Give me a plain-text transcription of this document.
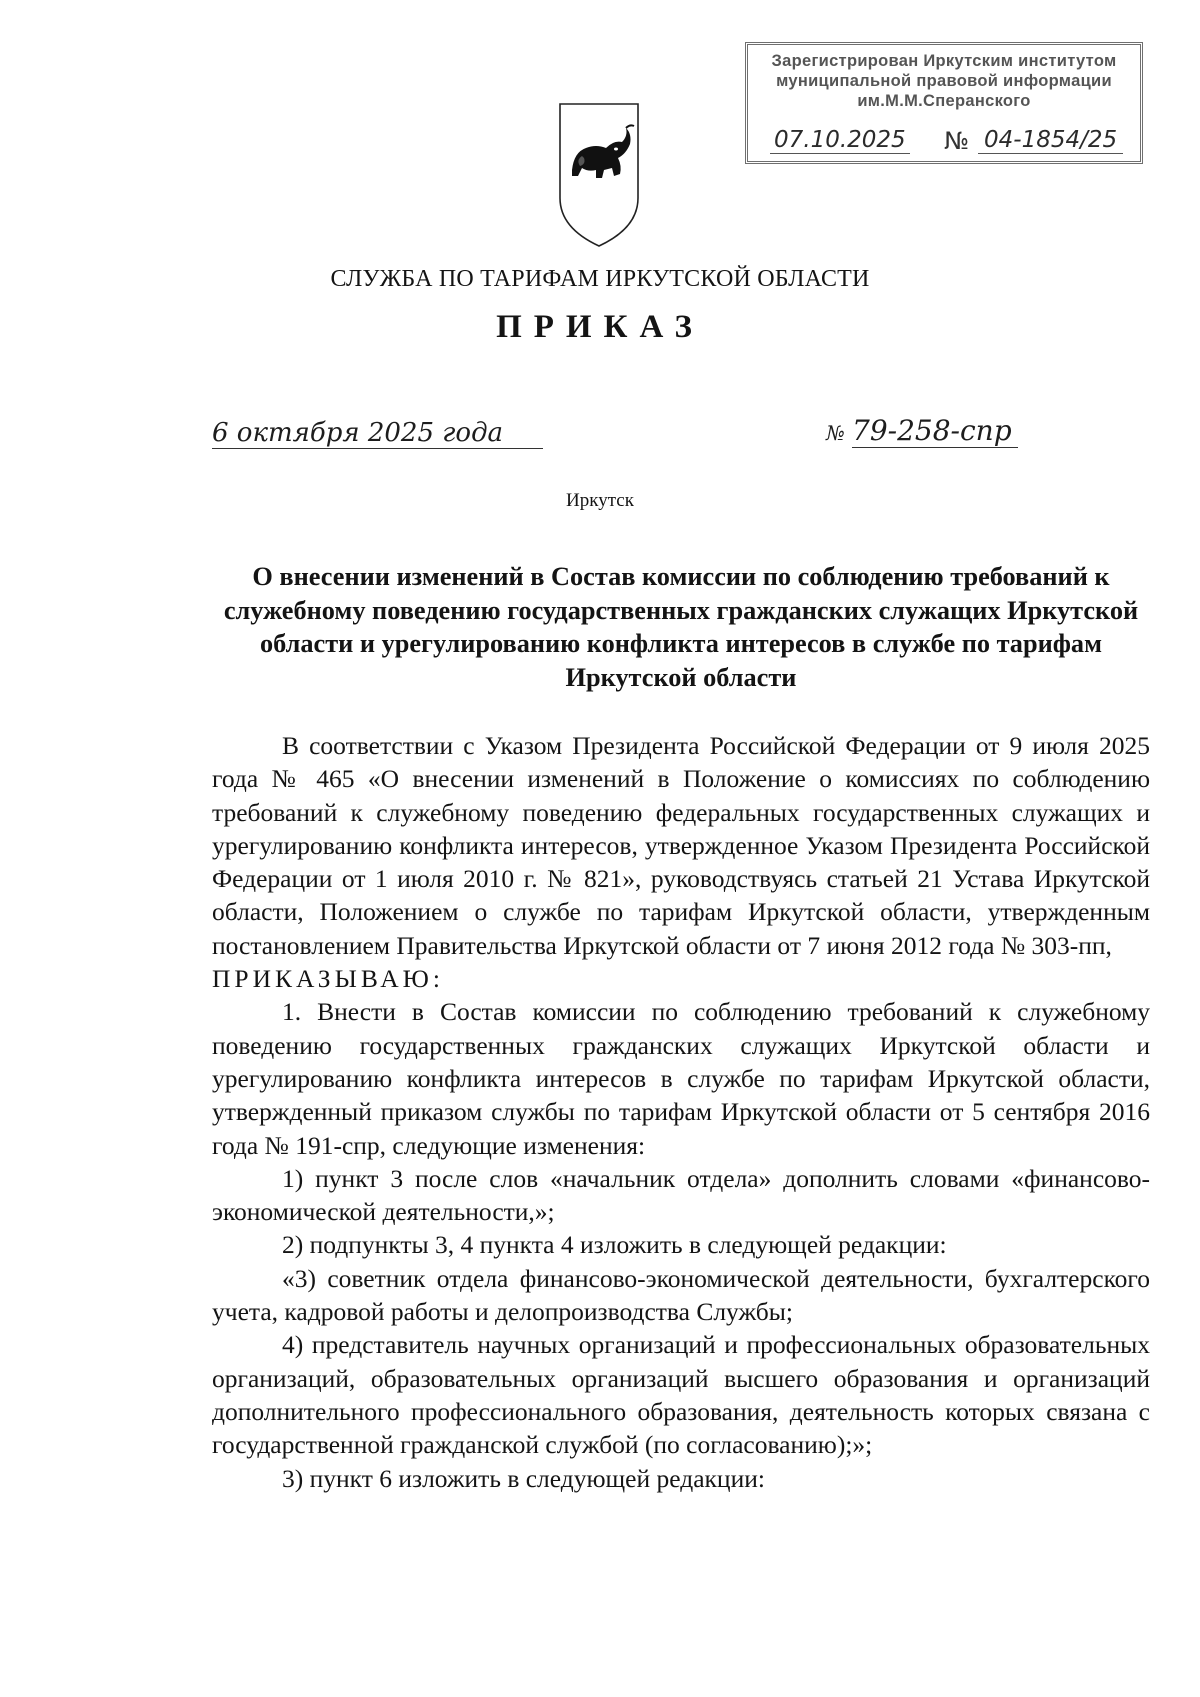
Зарегистрирован Иркутским институтом
муниципальной правовой информации
им.М.М.Сперанского
07.10.2025 № 04-1854/25
СЛУЖБА ПО ТАРИФАМ ИРКУТСКОЙ ОБЛАСТИ
ПРИКАЗ
6 октября 2025 года	№ 79-258-спр
Иркутск
О внесении изменений в Состав комиссии по соблюдению требований к служебному поведению государственных гражданских служащих Иркутской области и урегулированию конфликта интересов в службе по тарифам Иркутской области

В соответствии с Указом Президента Российской Федерации от 9 июля 2025 года № 465 «О внесении изменений в Положение о комиссиях по соблюдению требований к служебному поведению федеральных государственных служащих и урегулированию конфликта интересов, утвержденное Указом Президента Российской Федерации от 1 июля 2010 г. № 821», руководствуясь статьей 21 Устава Иркутской области, Положением о службе по тарифам Иркутской области, утвержденным постановлением Правительства Иркутской области от 7 июня 2012 года № 303-пп,

ПРИКАЗЫВАЮ:

1. Внести в Состав комиссии по соблюдению требований к служебному поведению государственных гражданских служащих Иркутской области и урегулированию конфликта интересов в службе по тарифам Иркутской области, утвержденный приказом службы по тарифам Иркутской области от 5 сентября 2016 года № 191-спр, следующие изменения:

1) пункт 3 после слов «начальник отдела» дополнить словами «финансово-экономической деятельности,»;

2) подпункты 3, 4 пункта 4 изложить в следующей редакции:

«3) советник отдела финансово-экономической деятельности, бухгалтерского учета, кадровой работы и делопроизводства Службы;

4) представитель научных организаций и профессиональных образовательных организаций, образовательных организаций высшего образования и организаций дополнительного профессионального образования, деятельность которых связана с государственной гражданской службой (по согласованию);»;

3) пункт 6 изложить в следующей редакции:
